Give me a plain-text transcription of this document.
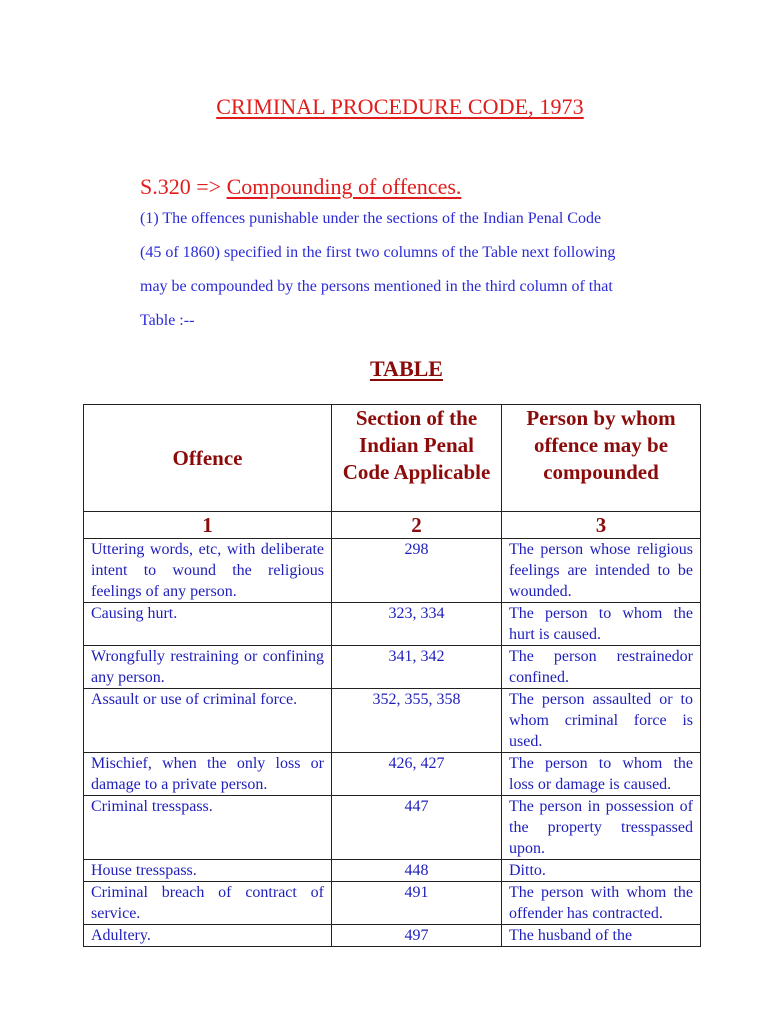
CRIMINAL PROCEDURE CODE, 1973
S.320 => Compounding of offences.
(1) The offences punishable under the sections of the Indian Penal Code
(45 of 1860) specified in the first two columns of the Table next following
may be compounded by the persons mentioned in the third column of that
Table :--
TABLE
Offence	Section of the Indian Penal Code Applicable	Person by whom offence may be compounded
1	2	3
Uttering words, etc, with deliberate intent to wound the religious feelings of any person.	298	The person whose religious feelings are intended to be wounded.
Causing hurt.	323, 334	The person to whom the hurt is caused.
Wrongfully restraining or confining any person.	341, 342	The person restrainedor confined.
Assault or use of criminal force.	352, 355, 358	The person assaulted or to whom criminal force is used.
Mischief, when the only loss or damage to a private person.	426, 427	The person to whom the loss or damage is caused.
Criminal tresspass.	447	The person in possession of the property tresspassed upon.
House tresspass.	448	Ditto.
Criminal breach of contract of service.	491	The person with whom the offender has contracted.
Adultery.	497	The husband of the
